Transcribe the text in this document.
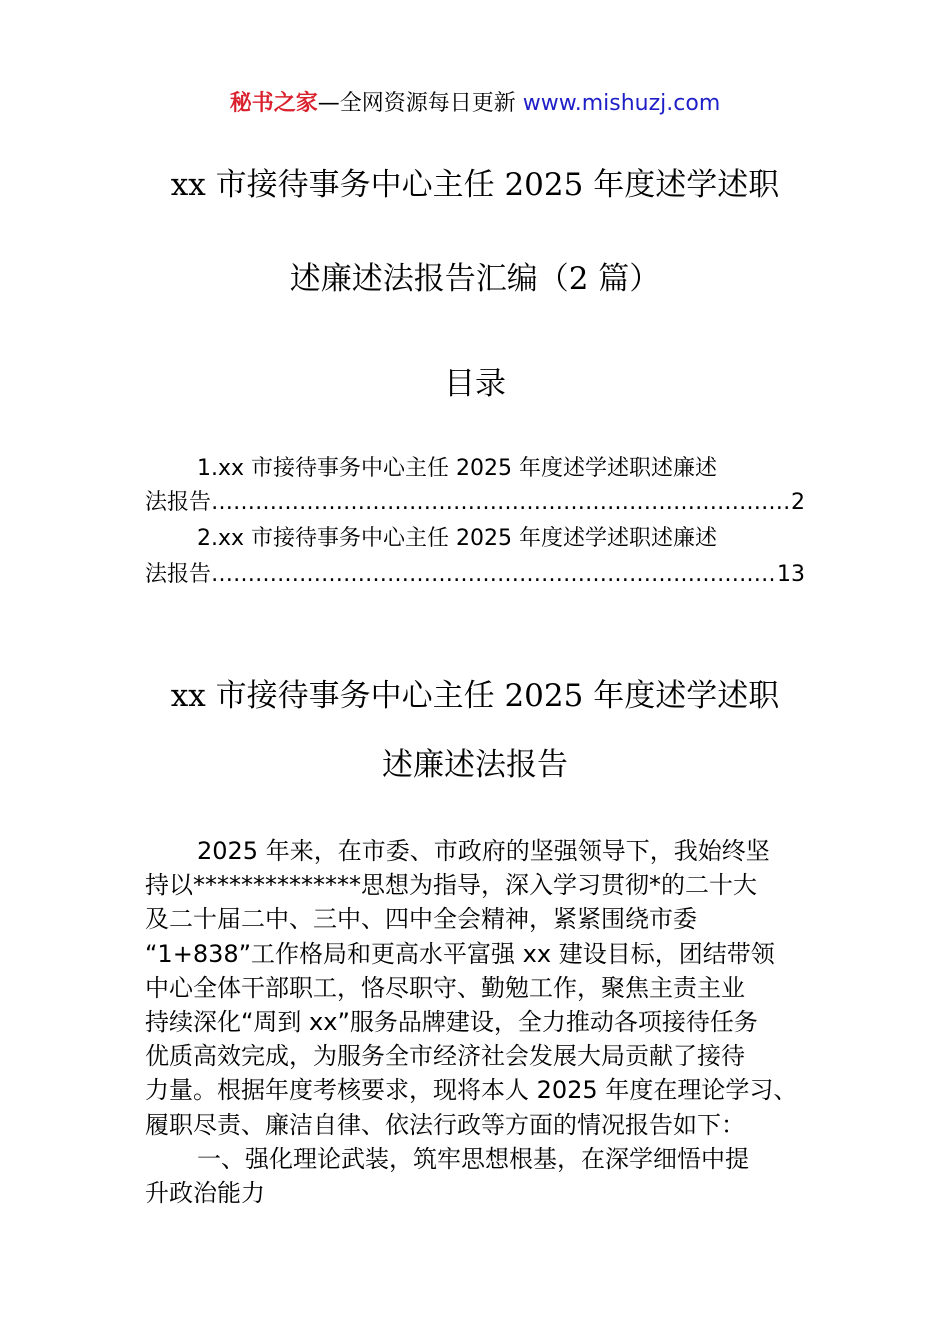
秘书之家—全网资源每日更新 www.mishuzj.com
xx 市接待事务中心主任 2025 年度述学述职
述廉述法报告汇编（2 篇）
目录
1.xx 市接待事务中心主任 2025 年度述学述职述廉述
法报告 ……………………………………………………………………………………………………………………………………………………	2
2.xx 市接待事务中心主任 2025 年度述学述职述廉述
法报告 ……………………………………………………………………………………………………………………………………………………	13
xx 市接待事务中心主任 2025 年度述学述职
述廉述法报告
2025 年来，在市委、市政府的坚强领导下，我始终坚
持以**************思想为指导，深入学习贯彻*的二十大
及二十届二中、三中、四中全会精神，紧紧围绕市委
“1+838”工作格局和更高水平富强 xx 建设目标，团结带领
中心全体干部职工，恪尽职守、勤勉工作，聚焦主责主业
持续深化“周到 xx”服务品牌建设，全力推动各项接待任务
优质高效完成，为服务全市经济社会发展大局贡献了接待
力量。根据年度考核要求，现将本人 2025 年度在理论学习、
履职尽责、廉洁自律、依法行政等方面的情况报告如下：
一、强化理论武装，筑牢思想根基，在深学细悟中提
升政治能力
